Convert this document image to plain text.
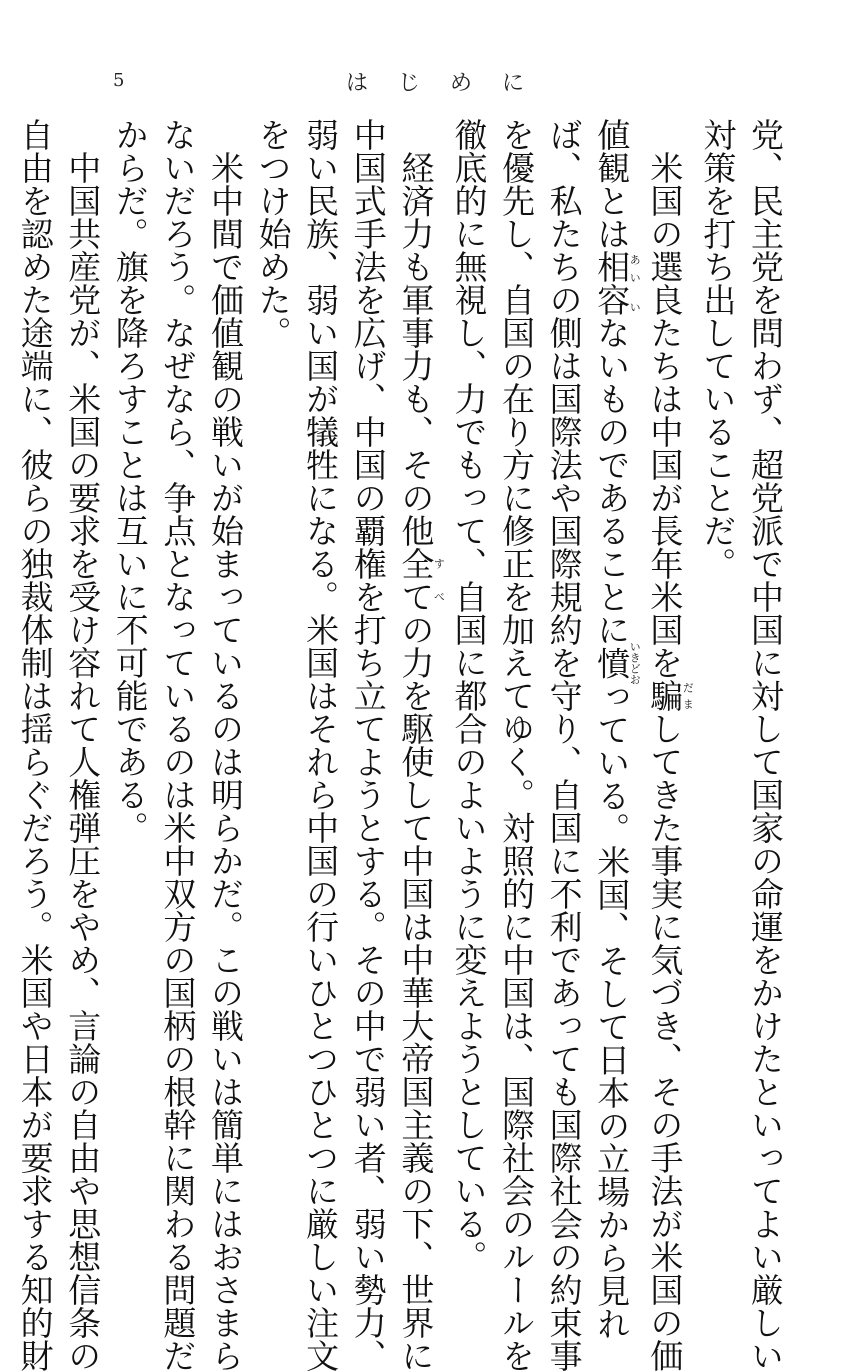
5	はじめに
党、民主党を問わず、超党派で中国に対して国家の命運をかけたといってよい厳しい
対策を打ち出していることだ。
　米国の選良たちは中国が長年米国を騙だましてきた事実に気づき、その手法が米国の価
値観とは相容あい いないものであることに憤いきどおっている。米国、そして日本の立場から見れ
ば、私たちの側は国際法や国際規約を守り、自国に不利であっても国際社会の約束事
を優先し、自国の在り方に修正を加えてゆく。対照的に中国は、国際社会のルールを
徹底的に無視し、力でもって、自国に都合のよいように変えようとしている。
　経済力も軍事力も、その他全てすべの力を駆使して中国は中華大帝国主義の下、世界に
中国式手法を広げ、中国の覇権を打ち立てようとする。その中で弱い者、弱い勢力、
弱い民族、弱い国が犠牲になる。米国はそれら中国の行いひとつひとつに厳しい注文
をつけ始めた。
　米中間で価値観の戦いが始まっているのは明らかだ。この戦いは簡単にはおさまら
ないだろう。なぜなら、争点となっているのは米中双方の国柄の根幹に関わる問題だ
からだ。旗を降ろすことは互いに不可能である。
　中国共産党が、米国の要求を受け容れて人権弾圧をやめ、言論の自由や思想信条の
自由を認めた途端に、彼らの独裁体制は揺らぐだろう。米国や日本が要求する知的財
